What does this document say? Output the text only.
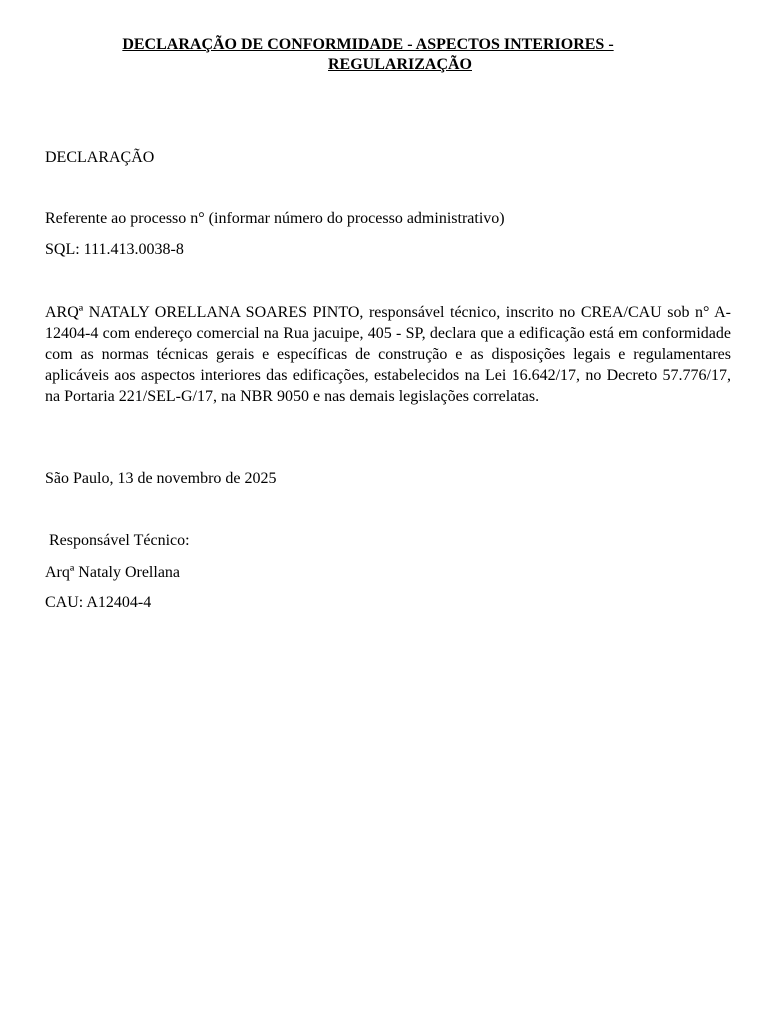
DECLARAÇÃO DE CONFORMIDADE - ASPECTOS INTERIORES -
REGULARIZAÇÃO
DECLARAÇÃO
Referente ao processo n° (informar número do processo administrativo)
SQL: 111.413.0038-8
ARQª NATALY ORELLANA SOARES PINTO, responsável técnico, inscrito no CREA/CAU sob n° A-12404-4 com endereço comercial na Rua jacuipe, 405 - SP, declara que a edificação está em conformidade com as normas técnicas gerais e específicas de construção e as disposições legais e regulamentares aplicáveis aos aspectos interiores das edificações, estabelecidos na Lei 16.642/17, no Decreto 57.776/17, na Portaria 221/SEL-G/17, na NBR 9050 e nas demais legislações correlatas.
São Paulo, 13 de novembro de 2025
Responsável Técnico:
Arqª Nataly Orellana
CAU: A12404-4
